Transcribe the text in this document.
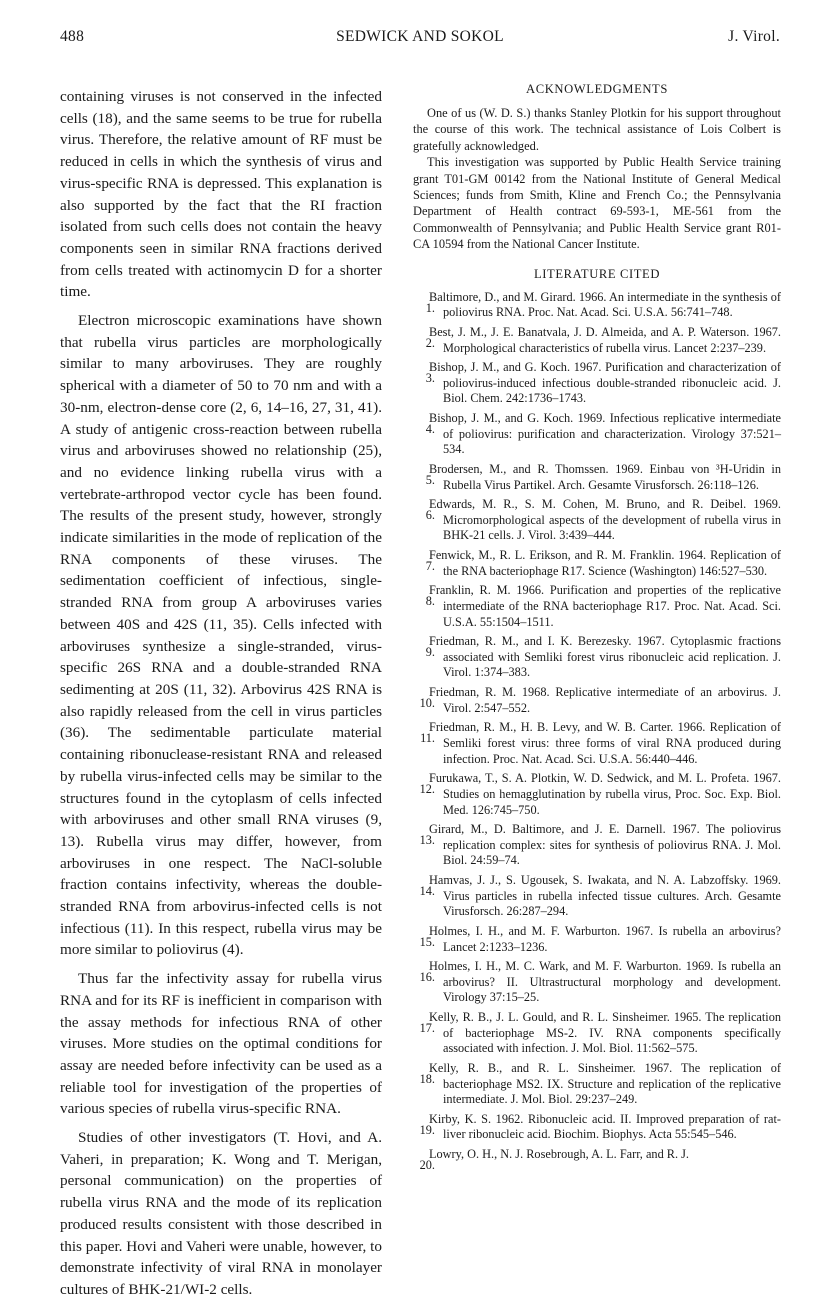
488	SEDWICK AND SOKOL	J. Virol.

containing viruses is not conserved in the infected cells (18), and the same seems to be true for rubella virus. Therefore, the relative amount of RF must be reduced in cells in which the synthesis of virus and virus-specific RNA is depressed. This explanation is also supported by the fact that the RI fraction isolated from such cells does not contain the heavy components seen in similar RNA fractions derived from cells treated with actinomycin D for a shorter time.

Electron microscopic examinations have shown that rubella virus particles are morphologically similar to many arboviruses. They are roughly spherical with a diameter of 50 to 70 nm and with a 30-nm, electron-dense core (2, 6, 14–16, 27, 31, 41). A study of antigenic cross-reaction between rubella virus and arboviruses showed no relationship (25), and no evidence linking rubella virus with a vertebrate-arthropod vector cycle has been found. The results of the present study, however, strongly indicate similarities in the mode of replication of the RNA components of these viruses. The sedimentation coefficient of infectious, single-stranded RNA from group A arboviruses varies between 40S and 42S (11, 35). Cells infected with arboviruses synthesize a single-stranded, virus-specific 26S RNA and a double-stranded RNA sedimenting at 20S (11, 32). Arbovirus 42S RNA is also rapidly released from the cell in virus particles (36). The sedimentable particulate material containing ribonuclease-resistant RNA and released by rubella virus-infected cells may be similar to the structures found in the cytoplasm of cells infected with arboviruses and other small RNA viruses (9, 13). Rubella virus may differ, however, from arboviruses in one respect. The NaCl-soluble fraction contains infectivity, whereas the double-stranded RNA from arbovirus-infected cells is not infectious (11). In this respect, rubella virus may be more similar to poliovirus (4).

Thus far the infectivity assay for rubella virus RNA and for its RF is inefficient in comparison with the assay methods for infectious RNA of other viruses. More studies on the optimal conditions for assay are needed before infectivity can be used as a reliable tool for investigation of the properties of various species of rubella virus-specific RNA.

Studies of other investigators (T. Hovi, and A. Vaheri, in preparation; K. Wong and T. Merigan, personal communication) on the properties of rubella virus RNA and the mode of its replication produced results consistent with those described in this paper. Hovi and Vaheri were unable, however, to demonstrate infectivity of viral RNA in monolayer cultures of BHK-21/WI-2 cells.

ACKNOWLEDGMENTS

One of us (W. D. S.) thanks Stanley Plotkin for his support throughout the course of this work. The technical assistance of Lois Colbert is gratefully acknowledged.

This investigation was supported by Public Health Service training grant T01-GM 00142 from the National Institute of General Medical Sciences; funds from Smith, Kline and French Co.; the Pennsylvania Department of Health contract 69-593-1, ME-561 from the Commonwealth of Pennsylvania; and Public Health Service grant R01-CA 10594 from the National Cancer Institute.

LITERATURE CITED
1.
Baltimore, D., and M. Girard. 1966. An intermediate in the synthesis of poliovirus RNA. Proc. Nat. Acad. Sci. U.S.A. 56:741–748.
2.
Best, J. M., J. E. Banatvala, J. D. Almeida, and A. P. Waterson. 1967. Morphological characteristics of rubella virus. Lancet 2:237–239.
3.
Bishop, J. M., and G. Koch. 1967. Purification and characterization of poliovirus-induced infectious double-stranded ribonucleic acid. J. Biol. Chem. 242:1736–1743.
4.
Bishop, J. M., and G. Koch. 1969. Infectious replicative intermediate of poliovirus: purification and characterization. Virology 37:521–534.
5.
Brodersen, M., and R. Thomssen. 1969. Einbau von ³H-Uridin in Rubella Virus Partikel. Arch. Gesamte Virusforsch. 26:118–126.
6.
Edwards, M. R., S. M. Cohen, M. Bruno, and R. Deibel. 1969. Micromorphological aspects of the development of rubella virus in BHK-21 cells. J. Virol. 3:439–444.
7.
Fenwick, M., R. L. Erikson, and R. M. Franklin. 1964. Replication of the RNA bacteriophage R17. Science (Washington) 146:527–530.
8.
Franklin, R. M. 1966. Purification and properties of the replicative intermediate of the RNA bacteriophage R17. Proc. Nat. Acad. Sci. U.S.A. 55:1504–1511.
9.
Friedman, R. M., and I. K. Berezesky. 1967. Cytoplasmic fractions associated with Semliki forest virus ribonucleic acid replication. J. Virol. 1:374–383.
10.
Friedman, R. M. 1968. Replicative intermediate of an arbovirus. J. Virol. 2:547–552.
11.
Friedman, R. M., H. B. Levy, and W. B. Carter. 1966. Replication of Semliki forest virus: three forms of viral RNA produced during infection. Proc. Nat. Acad. Sci. U.S.A. 56:440–446.
12.
Furukawa, T., S. A. Plotkin, W. D. Sedwick, and M. L. Profeta. 1967. Studies on hemagglutination by rubella virus, Proc. Soc. Exp. Biol. Med. 126:745–750.
13.
Girard, M., D. Baltimore, and J. E. Darnell. 1967. The poliovirus replication complex: sites for synthesis of poliovirus RNA. J. Mol. Biol. 24:59–74.
14.
Hamvas, J. J., S. Ugousek, S. Iwakata, and N. A. Labzoffsky. 1969. Virus particles in rubella infected tissue cultures. Arch. Gesamte Virusforsch. 26:287–294.
15.
Holmes, I. H., and M. F. Warburton. 1967. Is rubella an arbovirus? Lancet 2:1233–1236.
16.
Holmes, I. H., M. C. Wark, and M. F. Warburton. 1969. Is rubella an arbovirus? II. Ultrastructural morphology and development. Virology 37:15–25.
17.
Kelly, R. B., J. L. Gould, and R. L. Sinsheimer. 1965. The replication of bacteriophage MS-2. IV. RNA components specifically associated with infection. J. Mol. Biol. 11:562–575.
18.
Kelly, R. B., and R. L. Sinsheimer. 1967. The replication of bacteriophage MS2. IX. Structure and replication of the replicative intermediate. J. Mol. Biol. 29:237–249.
19.
Kirby, K. S. 1962. Ribonucleic acid. II. Improved preparation of rat-liver ribonucleic acid. Biochim. Biophys. Acta 55:545–546.
20.
Lowry, O. H., N. J. Rosebrough, A. L. Farr, and R. J.
